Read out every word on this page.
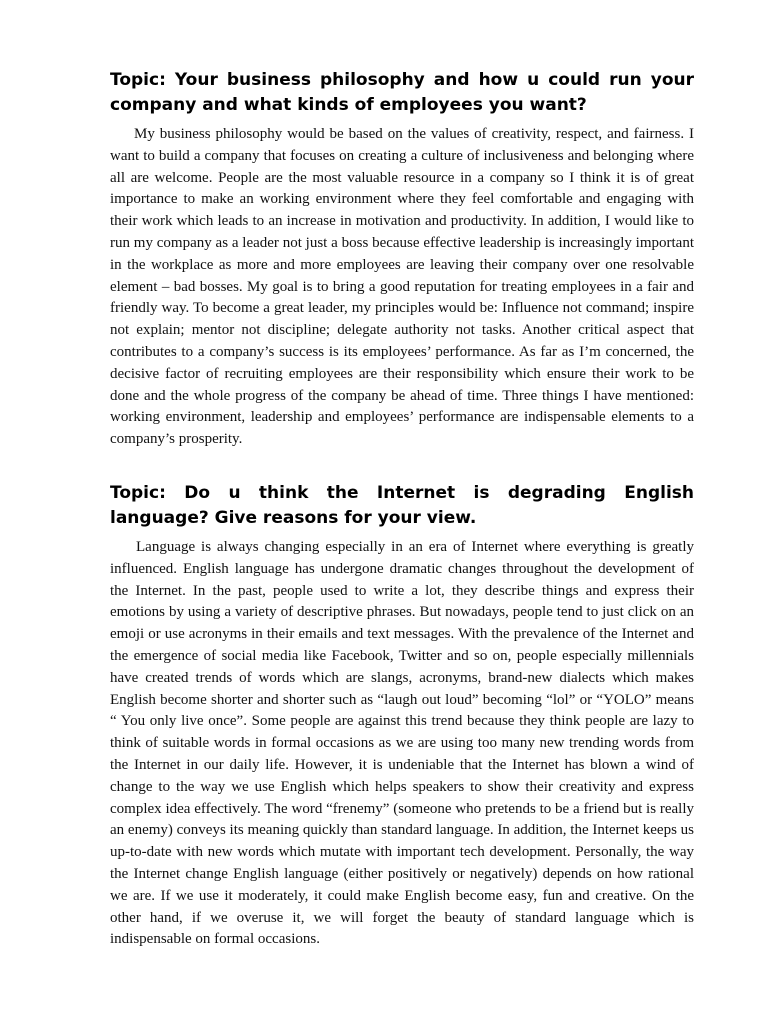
Topic: Your business philosophy and how u could run your company and what kinds of employees you want?

My business philosophy would be based on the values of creativity, respect, and fairness. I want to build a company that focuses on creating a culture of inclusiveness and belonging where all are welcome. People are the most valuable resource in a company so I think it is of great importance to make an working environment where they feel comfortable and engaging with their work which leads to an increase in motivation and productivity. In addition, I would like to run my company as a leader not just a boss because effective leadership is increasingly important in the workplace as more and more employees are leaving their company over one resolvable element – bad bosses. My goal is to bring a good reputation for treating employees in a fair and friendly way. To become a great leader, my principles would be: Influence not command; inspire not explain; mentor not discipline; delegate authority not tasks. Another critical aspect that contributes to a company’s success is its employees’ performance. As far as I’m concerned, the decisive factor of recruiting employees are their responsibility which ensure their work to be done and the whole progress of the company be ahead of time. Three things I have mentioned: working environment, leadership and employees’ performance are indispensable elements to a company’s prosperity.

Topic: Do u think the Internet is degrading English language? Give reasons for your view.

Language is always changing especially in an era of Internet where everything is greatly influenced. English language has undergone dramatic changes throughout the development of the Internet. In the past, people used to write a lot, they describe things and express their emotions by using a variety of descriptive phrases. But nowadays, people tend to just click on an emoji or use acronyms in their emails and text messages. With the prevalence of the Internet and the emergence of social media like Facebook, Twitter and so on, people especially millennials have created trends of words which are slangs, acronyms, brand-new dialects which makes English become shorter and shorter such as “laugh out loud” becoming “lol” or “YOLO” means “ You only live once”. Some people are against this trend because they think people are lazy to think of suitable words in formal occasions as we are using too many new trending words from the Internet in our daily life. However, it is undeniable that the Internet has blown a wind of change to the way we use English which helps speakers to show their creativity and express complex idea effectively. The word “frenemy” (someone who pretends to be a friend but is really an enemy) conveys its meaning quickly than standard language. In addition, the Internet keeps us up-to-date with new words which mutate with important tech development. Personally, the way the Internet change English language (either positively or negatively) depends on how rational we are. If we use it moderately, it could make English become easy, fun and creative. On the other hand, if we overuse it, we will forget the beauty of standard language which is indispensable on formal occasions.
